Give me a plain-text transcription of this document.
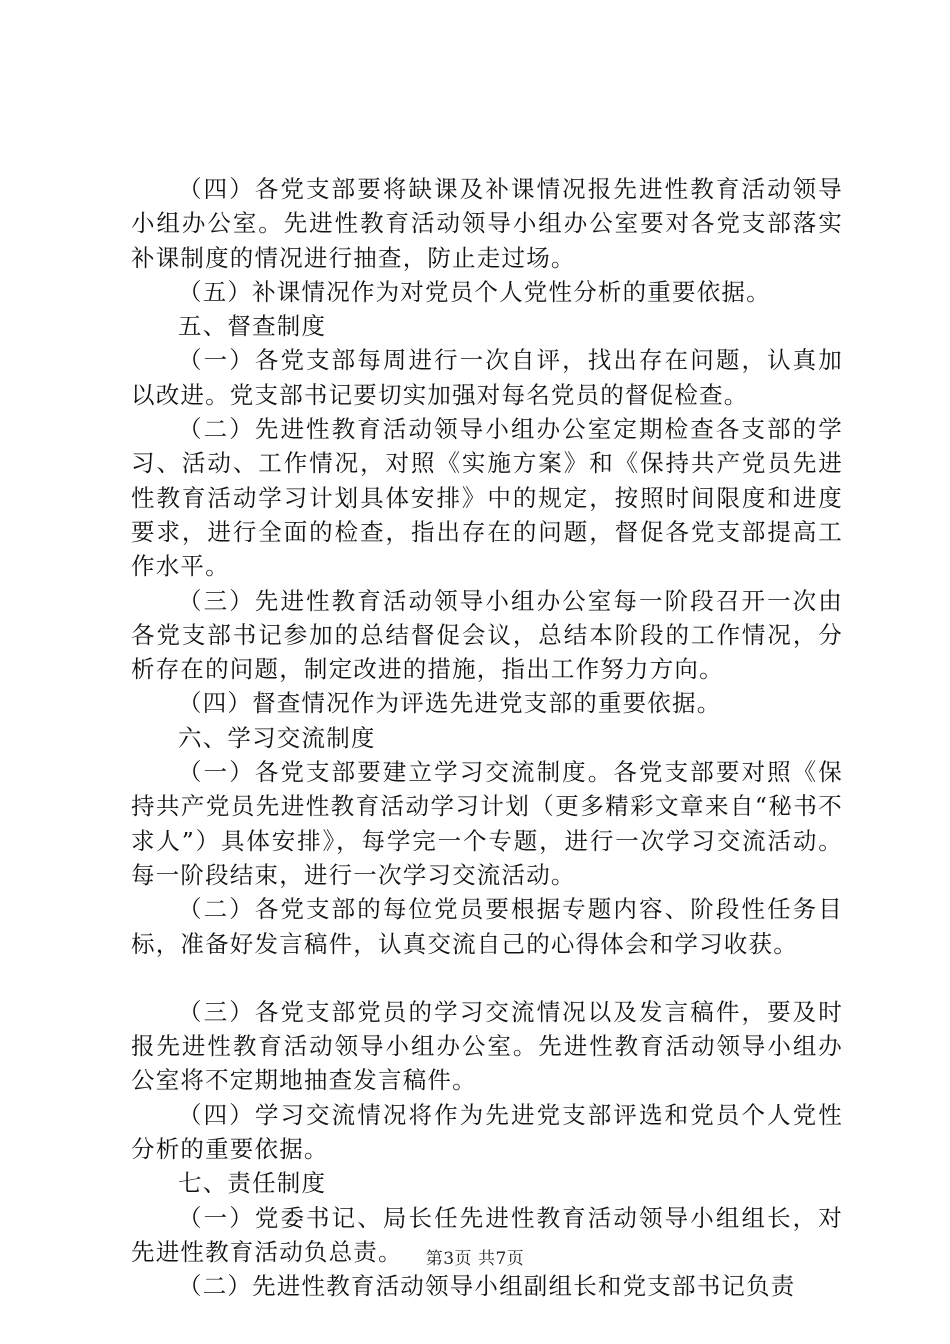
（四）各党支部要将缺课及补课情况报先进性教育活动领导小组办公室。先进性教育活动领导小组办公室要对各党支部落实补课制度的情况进行抽查，防止走过场。

（五）补课情况作为对党员个人党性分析的重要依据。

五、督查制度

（一）各党支部每周进行一次自评，找出存在问题，认真加以改进。党支部书记要切实加强对每名党员的督促检查。

（二）先进性教育活动领导小组办公室定期检查各支部的学习、活动、工作情况，对照《实施方案》和《保持共产党员先进性教育活动学习计划具体安排》中的规定，按照时间限度和进度要求，进行全面的检查，指出存在的问题，督促各党支部提高工作水平。

（三）先进性教育活动领导小组办公室每一阶段召开一次由各党支部书记参加的总结督促会议，总结本阶段的工作情况，分析存在的问题，制定改进的措施，指出工作努力方向。

（四）督查情况作为评选先进党支部的重要依据。

六、学习交流制度

（一）各党支部要建立学习交流制度。各党支部要对照《保持共产党员先进性教育活动学习计划（更多精彩文章来自“秘书不求人”）具体安排》，每学完一个专题，进行一次学习交流活动。每一阶段结束，进行一次学习交流活动。

（二）各党支部的每位党员要根据专题内容、阶段性任务目标，准备好发言稿件，认真交流自己的心得体会和学习收获。

（三）各党支部党员的学习交流情况以及发言稿件，要及时报先进性教育活动领导小组办公室。先进性教育活动领导小组办公室将不定期地抽查发言稿件。

（四）学习交流情况将作为先进党支部评选和党员个人党性分析的重要依据。

七、责任制度

（一）党委书记、局长任先进性教育活动领导小组组长，对先进性教育活动负总责。

（二）先进性教育活动领导小组副组长和党支部书记负责

第3页 共7页
